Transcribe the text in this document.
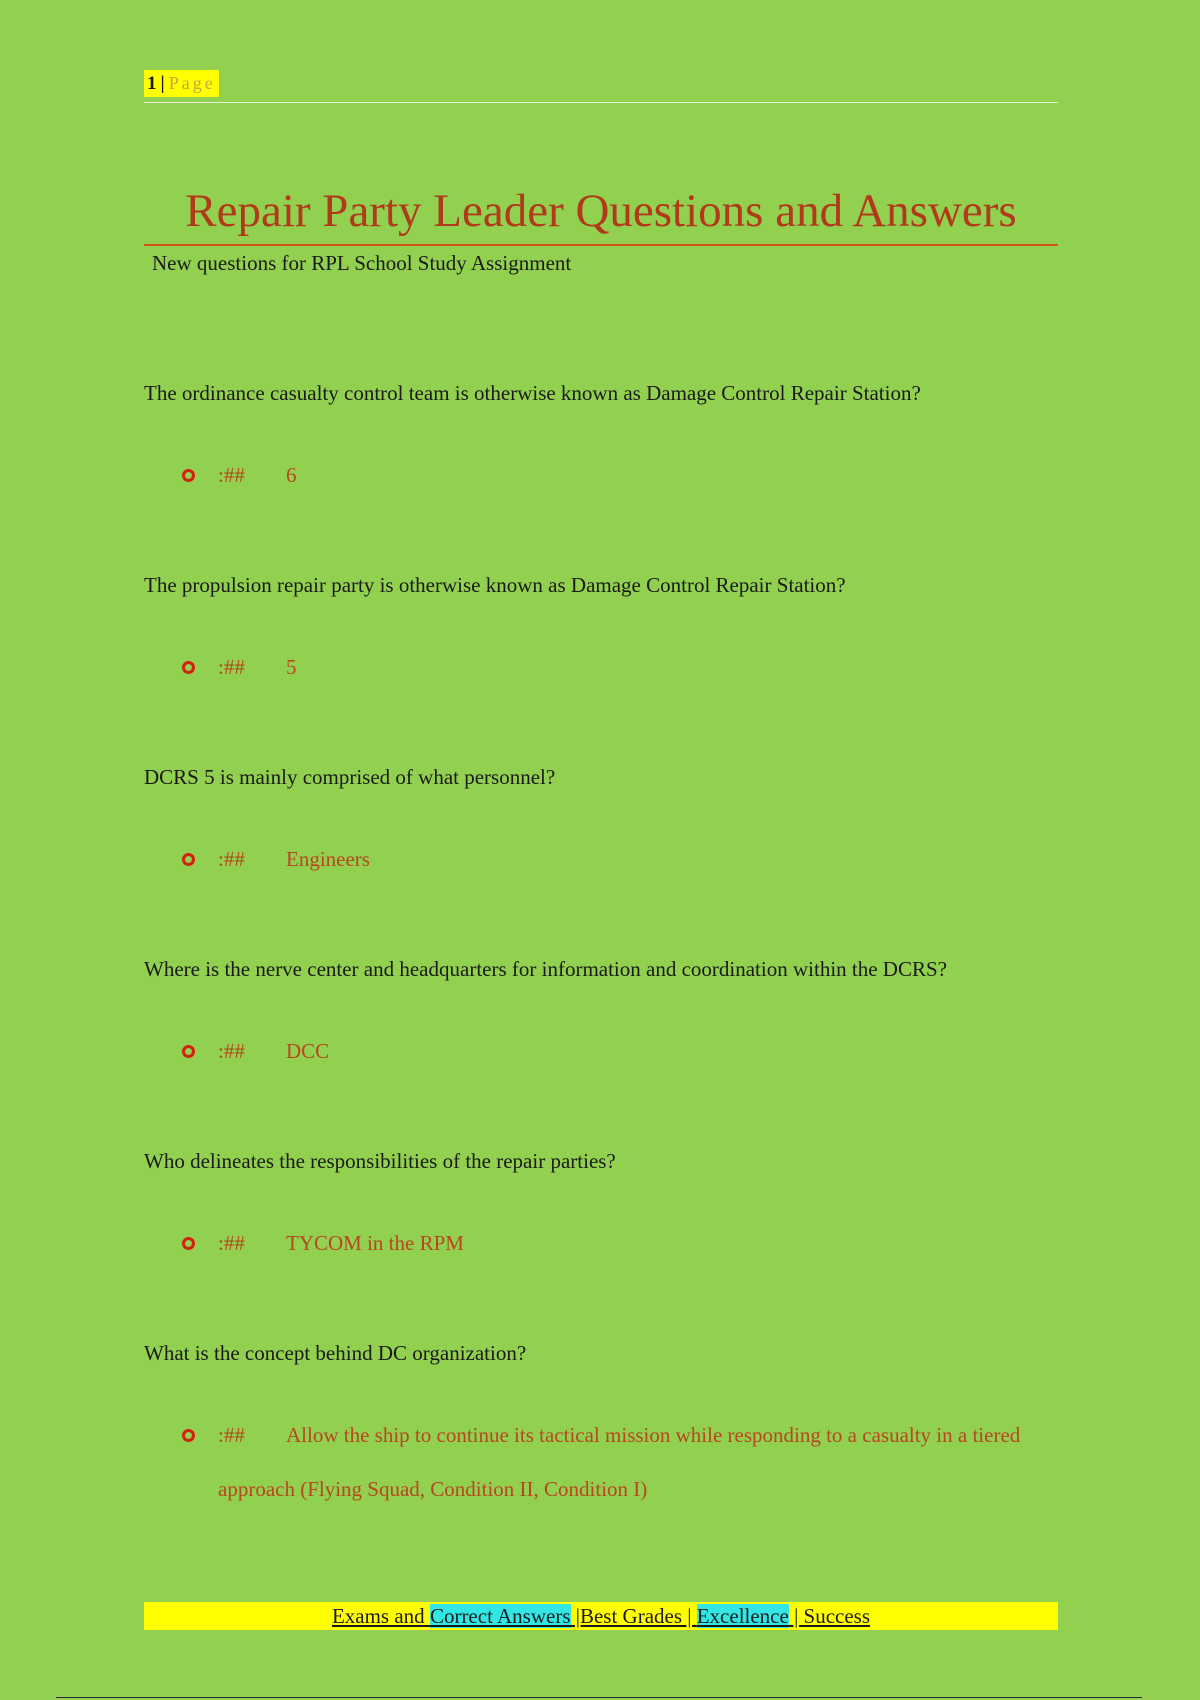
1 | Page
Repair Party Leader Questions and Answers
New questions for RPL School Study Assignment
The ordinance casualty control team is otherwise known as Damage Control Repair Station?
:## 6
The propulsion repair party is otherwise known as Damage Control Repair Station?
:## 5
DCRS 5 is mainly comprised of what personnel?
:## Engineers
Where is the nerve center and headquarters for information and coordination within the DCRS?
:## DCC
Who delineates the responsibilities of the repair parties?
:## TYCOM in the RPM
What is the concept behind DC organization?
:## Allow the ship to continue its tactical mission while responding to a casualty in a tiered approach (Flying Squad, Condition II, Condition I)
Exams and Correct Answers |Best Grades | Excellence | Success
